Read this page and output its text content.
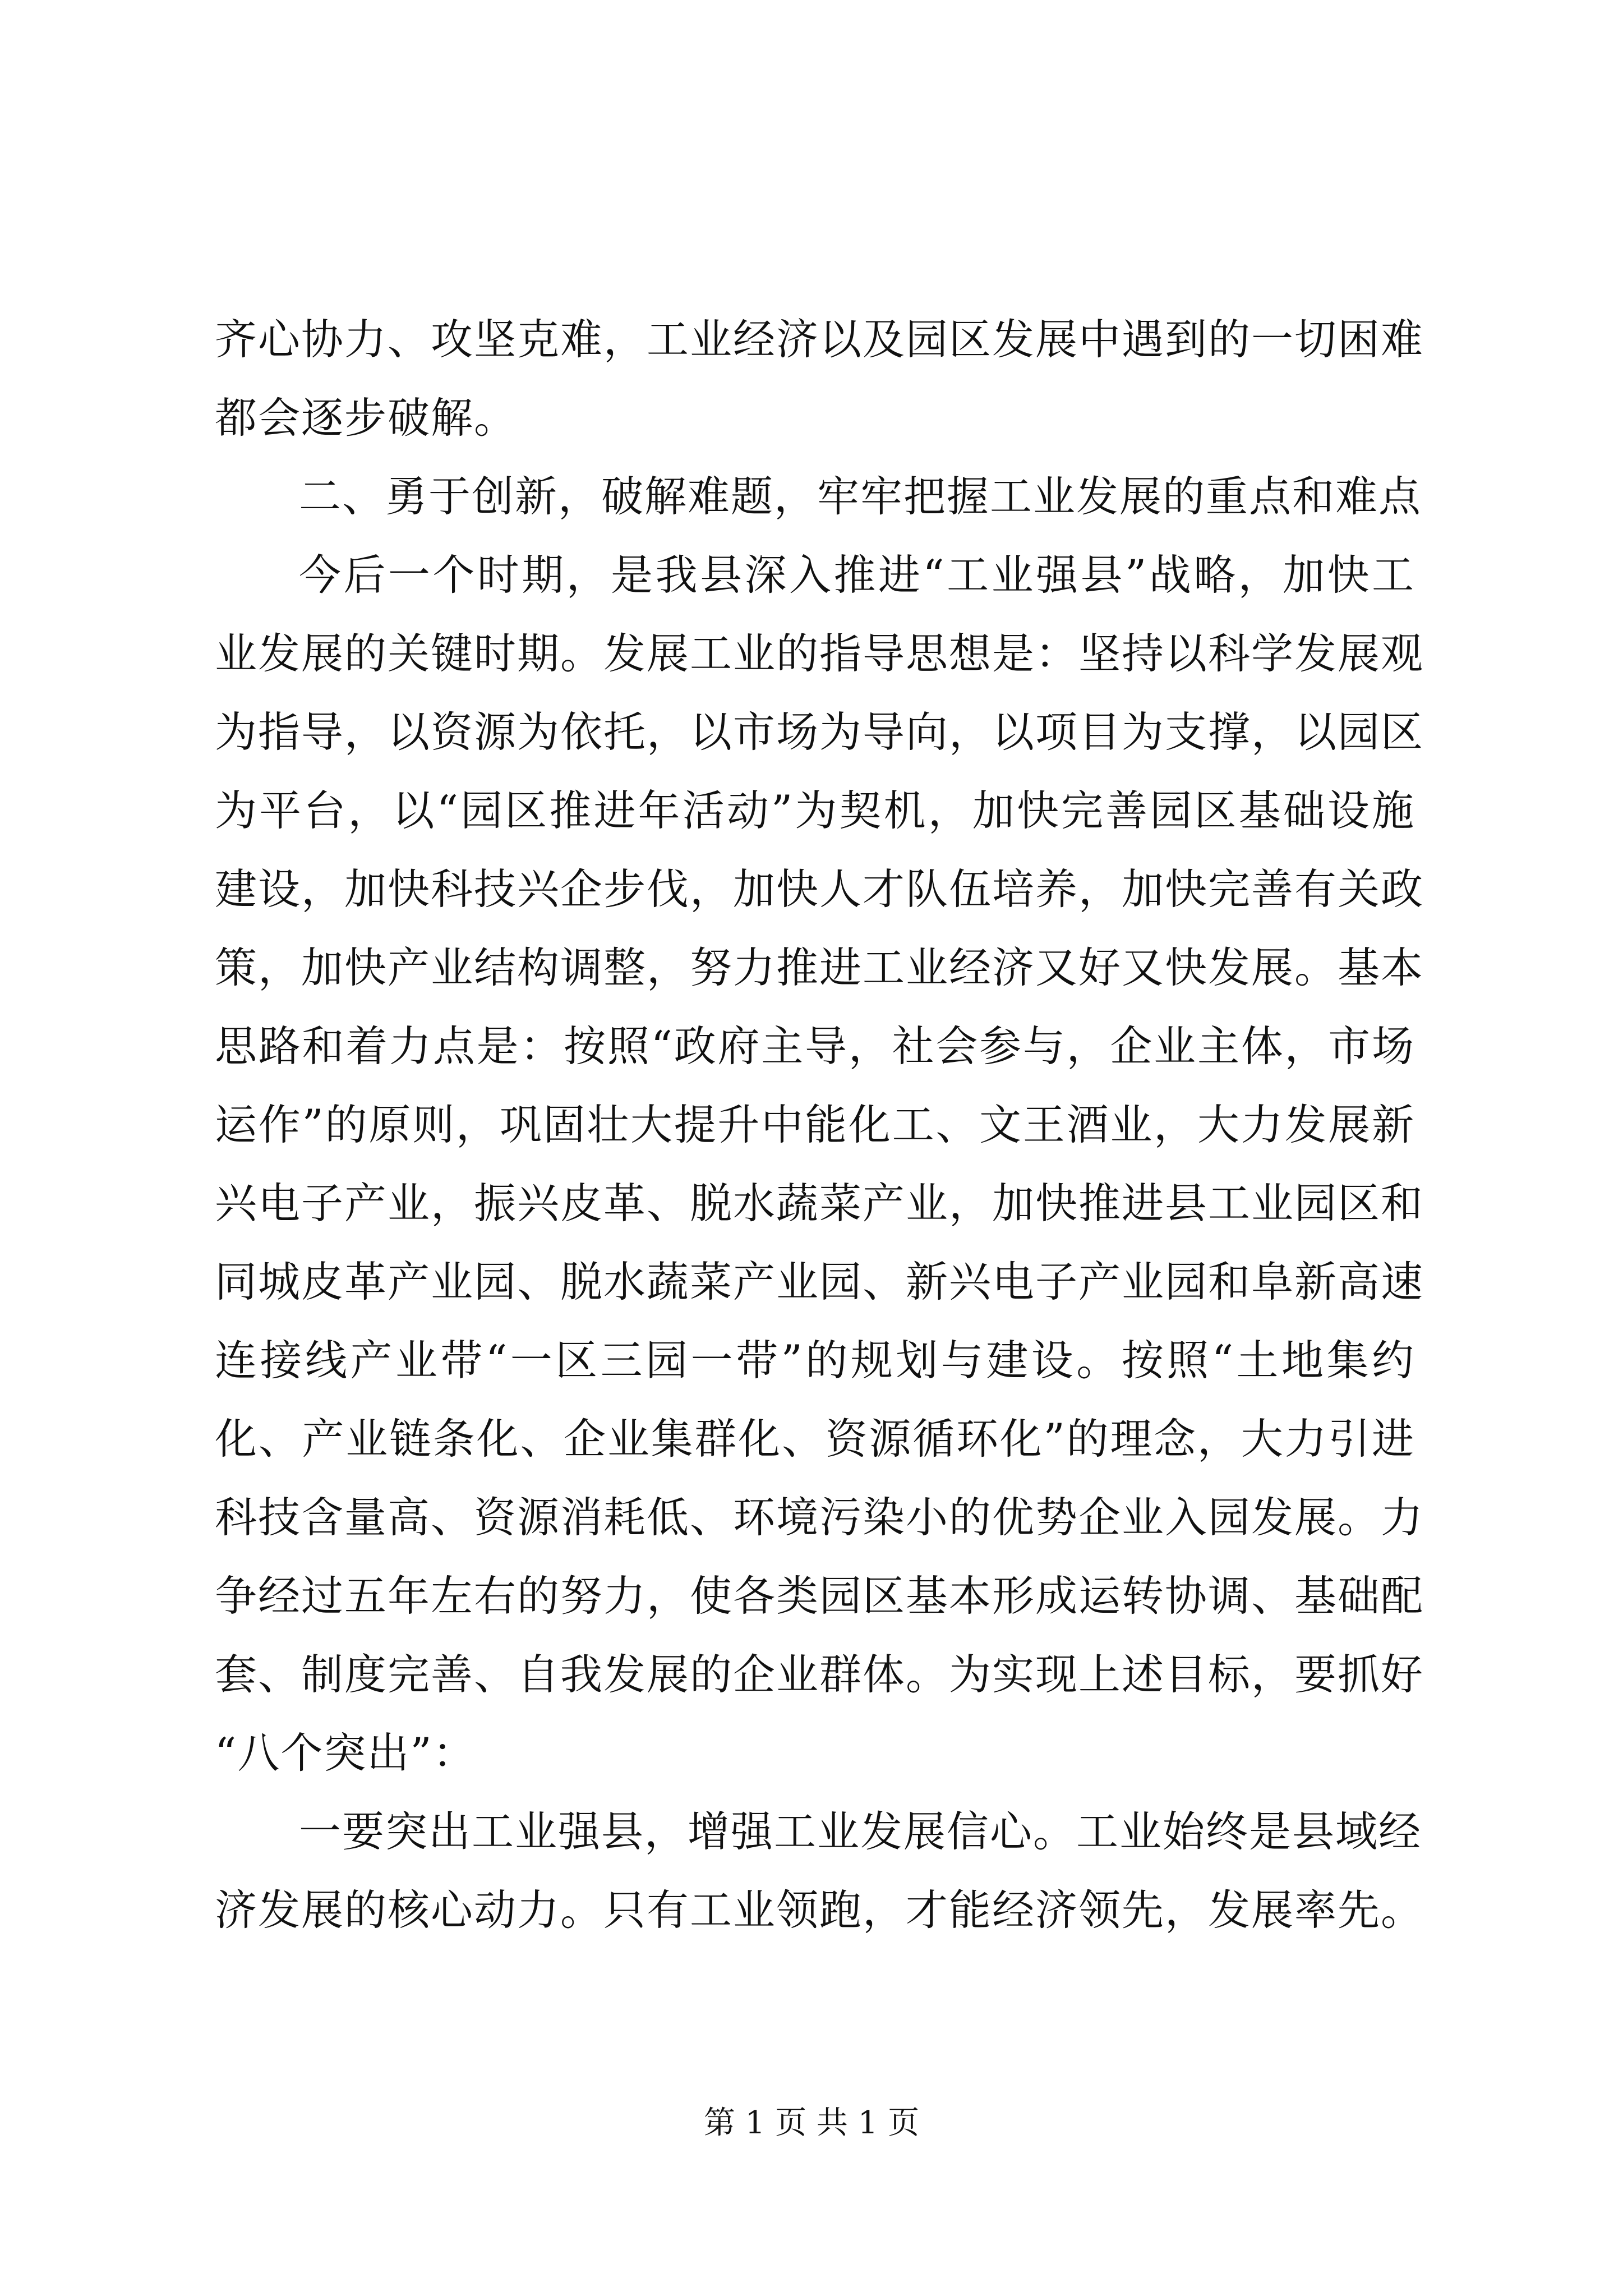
齐心协力、攻坚克难，工业经济以及园区发展中遇到的一切困难
都会逐步破解。
二、勇于创新，破解难题，牢牢把握工业发展的重点和难点
今后一个时期，是我县深入推进“工业强县”战略，加快工
业发展的关键时期。发展工业的指导思想是：坚持以科学发展观
为指导，以资源为依托，以市场为导向，以项目为支撑，以园区
为平台，以“园区推进年活动”为契机，加快完善园区基础设施
建设，加快科技兴企步伐，加快人才队伍培养，加快完善有关政
策，加快产业结构调整，努力推进工业经济又好又快发展。基本
思路和着力点是：按照“政府主导，社会参与，企业主体，市场
运作”的原则，巩固壮大提升中能化工、文王酒业，大力发展新
兴电子产业，振兴皮革、脱水蔬菜产业，加快推进县工业园区和
同城皮革产业园、脱水蔬菜产业园、新兴电子产业园和阜新高速
连接线产业带“一区三园一带”的规划与建设。按照“土地集约
化、产业链条化、企业集群化、资源循环化”的理念，大力引进
科技含量高、资源消耗低、环境污染小的优势企业入园发展。力
争经过五年左右的努力，使各类园区基本形成运转协调、基础配
套、制度完善、自我发展的企业群体。为实现上述目标，要抓好
“八个突出”：
一要突出工业强县，增强工业发展信心。工业始终是县域经
济发展的核心动力。只有工业领跑，才能经济领先，发展率先。
第 1 页 共 1 页
